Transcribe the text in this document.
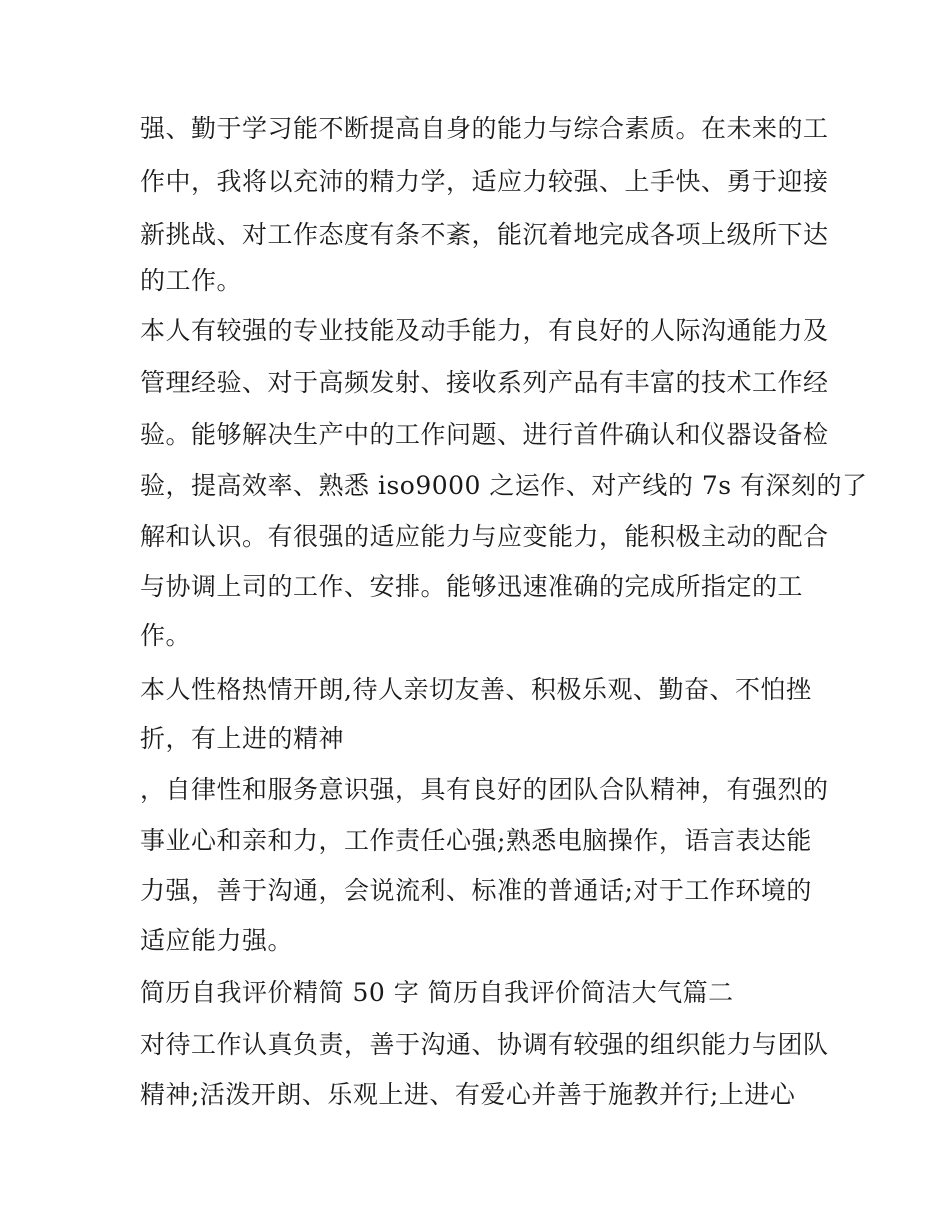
强、勤于学习能不断提高自身的能力与综合素质。在未来的工
作中，我将以充沛的精力学，适应力较强、上手快、勇于迎接
新挑战、对工作态度有条不紊，能沉着地完成各项上级所下达
的工作。
本人有较强的专业技能及动手能力，有良好的人际沟通能力及
管理经验、对于高频发射、接收系列产品有丰富的技术工作经
验。能够解决生产中的工作问题、进行首件确认和仪器设备检
验，提高效率、熟悉 iso9000 之运作、对产线的 7s 有深刻的了
解和认识。有很强的适应能力与应变能力，能积极主动的配合
与协调上司的工作、安排。能够迅速准确的完成所指定的工
作。
本人性格热情开朗,待人亲切友善、积极乐观、勤奋、不怕挫
折，有上进的精神
，自律性和服务意识强，具有良好的团队合队精神，有强烈的
事业心和亲和力，工作责任心强;熟悉电脑操作，语言表达能
力强，善于沟通，会说流利、标准的普通话;对于工作环境的
适应能力强。
简历自我评价精简 50 字 简历自我评价简洁大气篇二
对待工作认真负责，善于沟通、协调有较强的组织能力与团队
精神;活泼开朗、乐观上进、有爱心并善于施教并行;上进心
